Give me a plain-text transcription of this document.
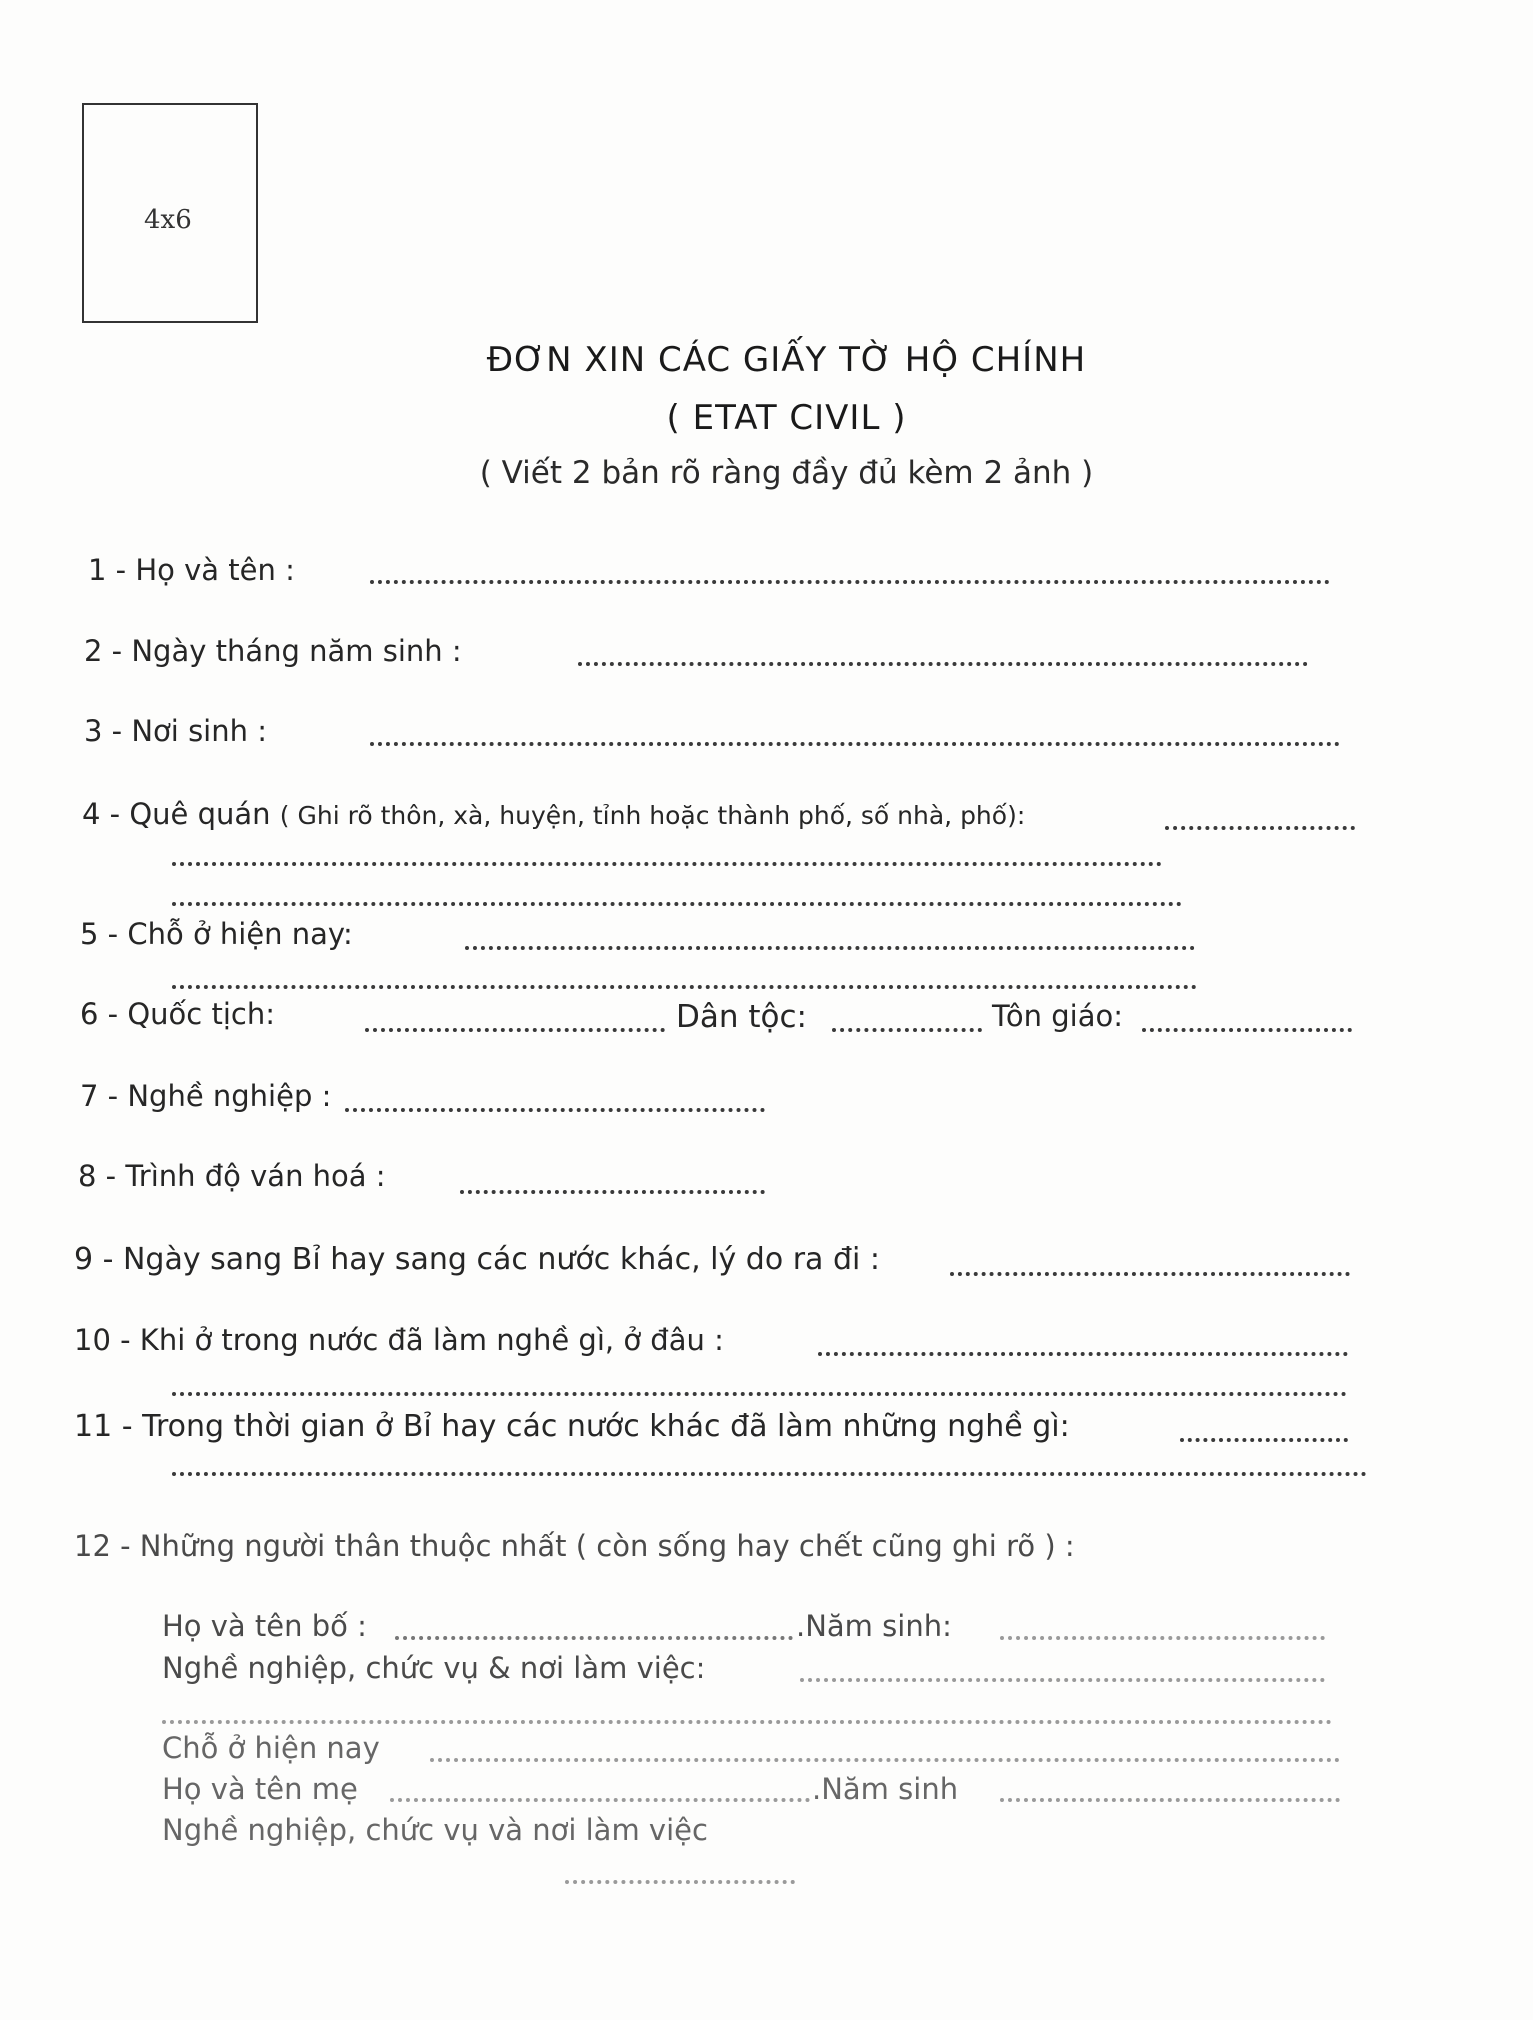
4x6
ĐƠN XIN CÁC GIẤY TỜ HỘ CHÍNH
( ETAT CIVIL )
( Viết 2 bản rõ ràng đầy đủ kèm 2 ảnh )
1 - Họ và tên :
2 - Ngày tháng năm sinh :
3 - Nơi sinh :
4 - Quê quán ( Ghi rõ thôn, xà, huyện, tỉnh hoặc thành phố, số nhà, phố):
5 - Chỗ ở hiện nay:
6 - Quốc tịch:	Dân tộc:	Tôn giáo:
7 - Nghề nghiệp :
8 - Trình độ ván hoá :
9 - Ngày sang Bỉ hay sang các nước khác, lý do ra đi :
10 - Khi ở trong nước đã làm nghề gì, ở đâu :
11 - Trong thời gian ở Bỉ hay các nước khác đã làm những nghề gì:
12 - Những người thân thuộc nhất ( còn sống hay chết cũng ghi rõ ) :
Họ và tên bố :	.Năm sinh:
Nghề nghiệp, chức vụ & nơi làm việc:
Chỗ ở hiện nay
Họ và tên mẹ	.Năm sinh
Nghề nghiệp, chức vụ và nơi làm việc
